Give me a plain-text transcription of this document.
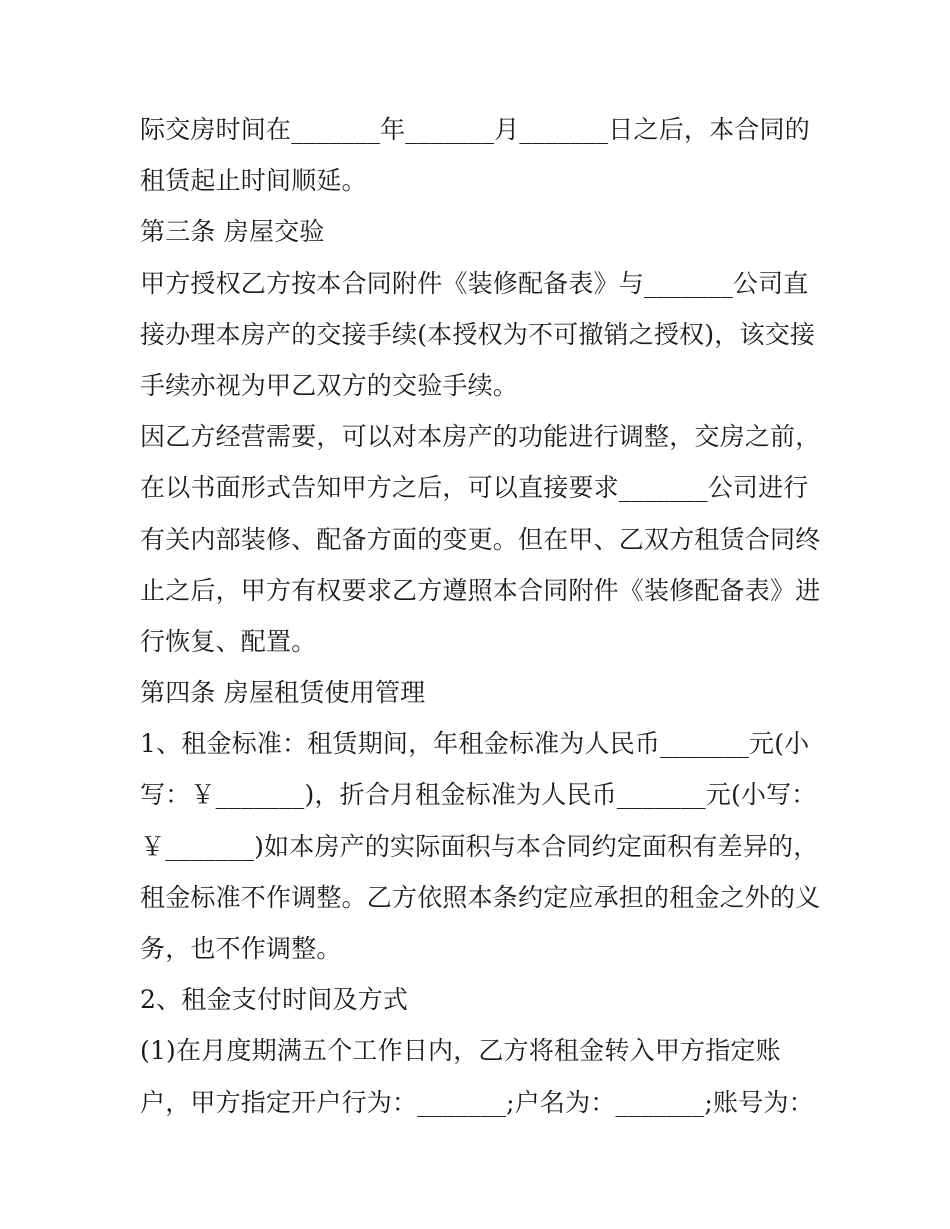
际交房时间在_______年_______月_______日之后，本合同的
租赁起止时间顺延。
第三条 房屋交验
甲方授权乙方按本合同附件《装修配备表》与_______公司直
接办理本房产的交接手续(本授权为不可撤销之授权)，该交接
手续亦视为甲乙双方的交验手续。
因乙方经营需要，可以对本房产的功能进行调整，交房之前，
在以书面形式告知甲方之后，可以直接要求_______公司进行
有关内部装修、配备方面的变更。但在甲、乙双方租赁合同终
止之后，甲方有权要求乙方遵照本合同附件《装修配备表》进
行恢复、配置。
第四条 房屋租赁使用管理
1、租金标准：租赁期间，年租金标准为人民币_______元(小
写：￥_______)，折合月租金标准为人民币_______元(小写：
￥_______)如本房产的实际面积与本合同约定面积有差异的，
租金标准不作调整。乙方依照本条约定应承担的租金之外的义
务，也不作调整。
2、租金支付时间及方式
(1)在月度期满五个工作日内，乙方将租金转入甲方指定账
户，甲方指定开户行为：_______;户名为：_______;账号为：
